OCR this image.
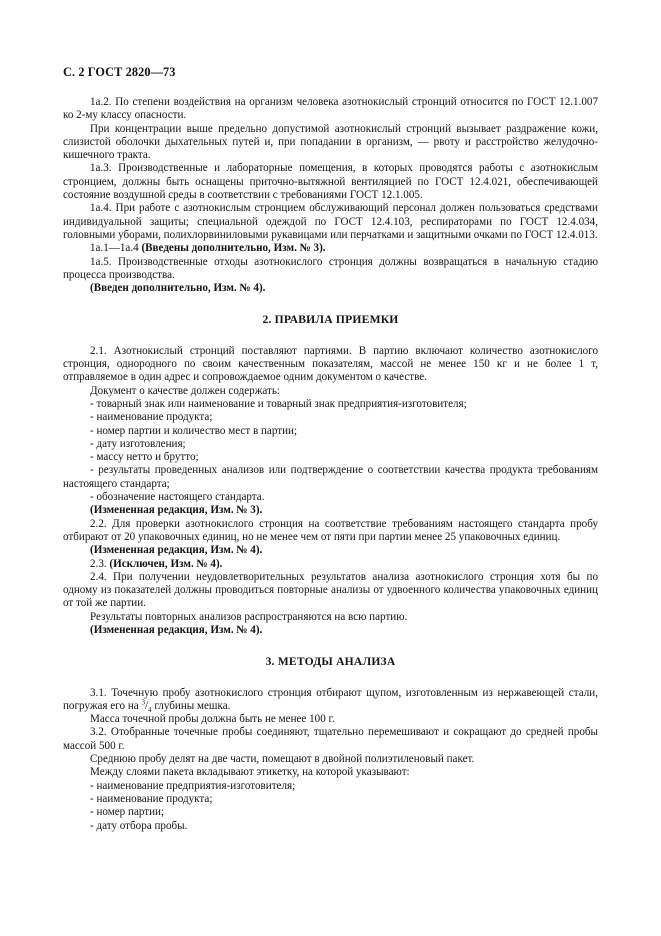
С. 2 ГОСТ 2820—73

1а.2. По степени воздействия на организм человека азотнокислый стронций относится по ГОСТ 12.1.007 ко 2-му классу опасности.

При концентрации выше предельно допустимой азотнокислый стронций вызывает раздражение кожи, слизистой оболочки дыхательных путей и, при попадании в организм, — рвоту и расстройство желудочно-кишечного тракта.

1а.3. Производственные и лабораторные помещения, в которых проводятся работы с азотнокислым стронцием, должны быть оснащены приточно-вытяжной вентиляцией по ГОСТ 12.4.021, обеспечивающей состояние воздушной среды в соответствии с требованиями ГОСТ 12.1.005.

1а.4. При работе с азотнокислым стронцием обслуживающий персонал должен пользоваться средствами индивидуальной защиты; специальной одеждой по ГОСТ 12.4.103, респираторами по ГОСТ 12.4.034, головными уборами, полихлорвиниловыми рукавицами или перчатками и защитными очками по ГОСТ 12.4.013.

1а.1—1а.4 (Введены дополнительно, Изм. № 3).

1а.5. Производственные отходы азотнокислого стронция должны возвращаться в начальную стадию процесса производства.

(Введен дополнительно, Изм. № 4).

2. ПРАВИЛА ПРИЕМКИ

2.1. Азотнокислый стронций поставляют партиями. В партию включают количество азотнокислого стронция, однородного по своим качественным показателям, массой не менее 150 кг и не более 1 т, отправляемое в один адрес и сопровождаемое одним документом о качестве.

Документ о качестве должен содержать:

- товарный знак или наименование и товарный знак предприятия-изготовителя;

- наименование продукта;

- номер партии и количество мест в партии;

- дату изготовления;

- массу нетто и брутто;

- результаты проведенных анализов или подтверждение о соответствии качества продукта требованиям настоящего стандарта;

- обозначение настоящего стандарта.

(Измененная редакция, Изм. № 3).

2.2. Для проверки азотнокислого стронция на соответствие требованиям настоящего стандарта пробу отбирают от 20 упаковочных единиц, но не менее чем от пяти при партии менее 25 упаковочных единиц.

(Измененная редакция, Изм. № 4).

2.3. (Исключен, Изм. № 4).

2.4. При получении неудовлетворительных результатов анализа азотнокислого стронция хотя бы по одному из показателей должны проводиться повторные анализы от удвоенного количества упаковочных единиц от той же партии.

Результаты повторных анализов распространяются на всю партию.

(Измененная редакция, Изм. № 4).

3. МЕТОДЫ АНАЛИЗА

3.1. Точечную пробу азотнокислого стронция отбирают щупом, изготовленным из нержавеющей стали, погружая его на $^3/_4$ глубины мешка.

Масса точечной пробы должна быть не менее 100 г.

3.2. Отобранные точечные пробы соединяют, тщательно перемешивают и сокращают до средней пробы массой 500 г.

Среднюю пробу делят на две части, помещают в двойной полиэтиленовый пакет.

Между слоями пакета вкладывают этикетку, на которой указывают:

- наименование предприятия-изготовителя;

- наименование продукта;

- номер партии;

- дату отбора пробы.
